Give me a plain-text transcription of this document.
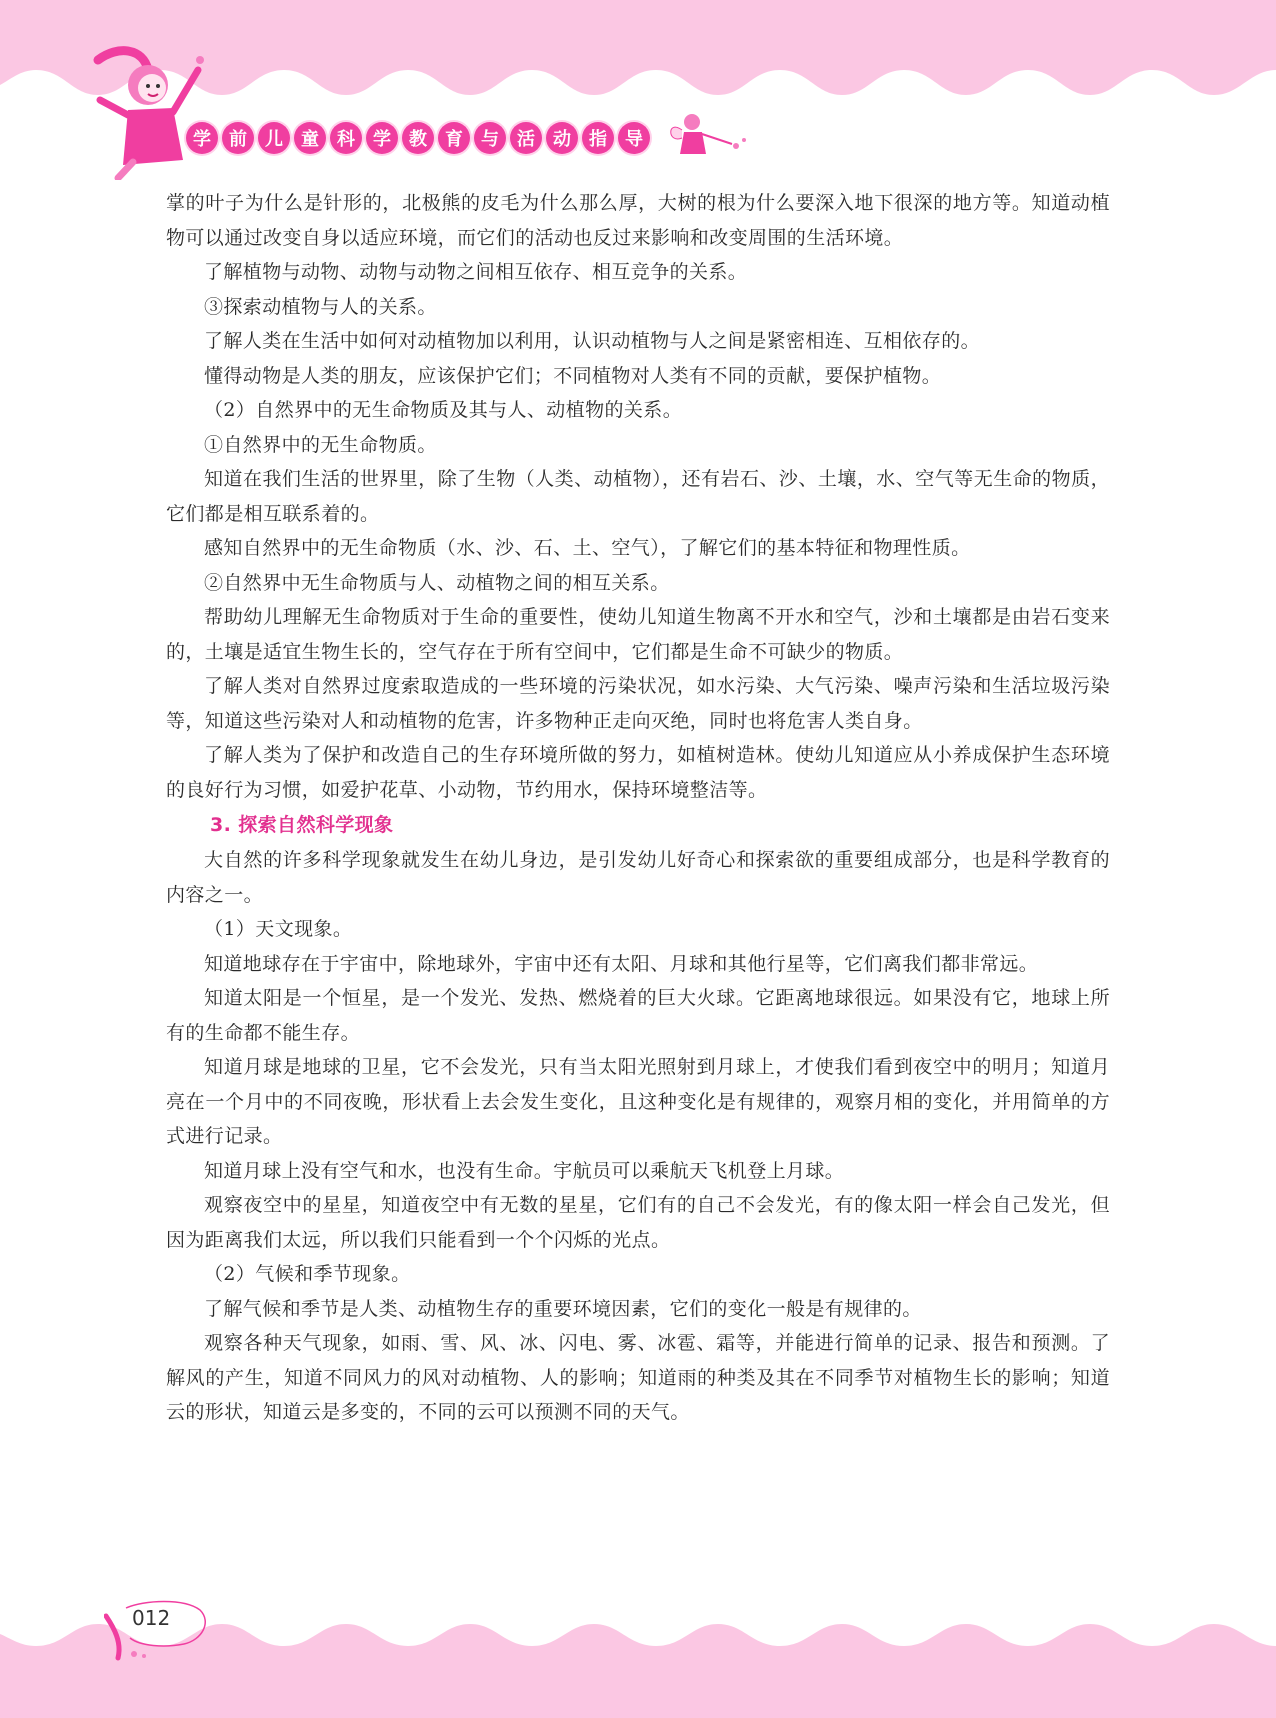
学	前	儿	童	科	学	教	育	与	活	动	指	导

掌的叶子为什么是针形的，北极熊的皮毛为什么那么厚，大树的根为什么要深入地下很深的地方等。知道动植物可以通过改变自身以适应环境，而它们的活动也反过来影响和改变周围的生活环境。

了解植物与动物、动物与动物之间相互依存、相互竞争的关系。

③探索动植物与人的关系。

了解人类在生活中如何对动植物加以利用，认识动植物与人之间是紧密相连、互相依存的。

懂得动物是人类的朋友，应该保护它们；不同植物对人类有不同的贡献，要保护植物。

（2）自然界中的无生命物质及其与人、动植物的关系。

①自然界中的无生命物质。

知道在我们生活的世界里，除了生物（人类、动植物），还有岩石、沙、土壤，水、空气等无生命的物质，它们都是相互联系着的。

感知自然界中的无生命物质（水、沙、石、土、空气），了解它们的基本特征和物理性质。

②自然界中无生命物质与人、动植物之间的相互关系。

帮助幼儿理解无生命物质对于生命的重要性，使幼儿知道生物离不开水和空气，沙和土壤都是由岩石变来的，土壤是适宜生物生长的，空气存在于所有空间中，它们都是生命不可缺少的物质。

了解人类对自然界过度索取造成的一些环境的污染状况，如水污染、大气污染、噪声污染和生活垃圾污染等，知道这些污染对人和动植物的危害，许多物种正走向灭绝，同时也将危害人类自身。

了解人类为了保护和改造自己的生存环境所做的努力，如植树造林。使幼儿知道应从小养成保护生态环境的良好行为习惯，如爱护花草、小动物，节约用水，保持环境整洁等。

3. 探索自然科学现象

大自然的许多科学现象就发生在幼儿身边，是引发幼儿好奇心和探索欲的重要组成部分，也是科学教育的内容之一。

（1）天文现象。

知道地球存在于宇宙中，除地球外，宇宙中还有太阳、月球和其他行星等，它们离我们都非常远。

知道太阳是一个恒星，是一个发光、发热、燃烧着的巨大火球。它距离地球很远。如果没有它，地球上所有的生命都不能生存。

知道月球是地球的卫星，它不会发光，只有当太阳光照射到月球上，才使我们看到夜空中的明月；知道月亮在一个月中的不同夜晚，形状看上去会发生变化，且这种变化是有规律的，观察月相的变化，并用简单的方式进行记录。

知道月球上没有空气和水，也没有生命。宇航员可以乘航天飞机登上月球。

观察夜空中的星星，知道夜空中有无数的星星，它们有的自己不会发光，有的像太阳一样会自己发光，但因为距离我们太远，所以我们只能看到一个个闪烁的光点。

（2）气候和季节现象。

了解气候和季节是人类、动植物生存的重要环境因素，它们的变化一般是有规律的。

观察各种天气现象，如雨、雪、风、冰、闪电、雾、冰雹、霜等，并能进行简单的记录、报告和预测。了解风的产生，知道不同风力的风对动植物、人的影响；知道雨的种类及其在不同季节对植物生长的影响；知道云的形状，知道云是多变的，不同的云可以预测不同的天气。

012
